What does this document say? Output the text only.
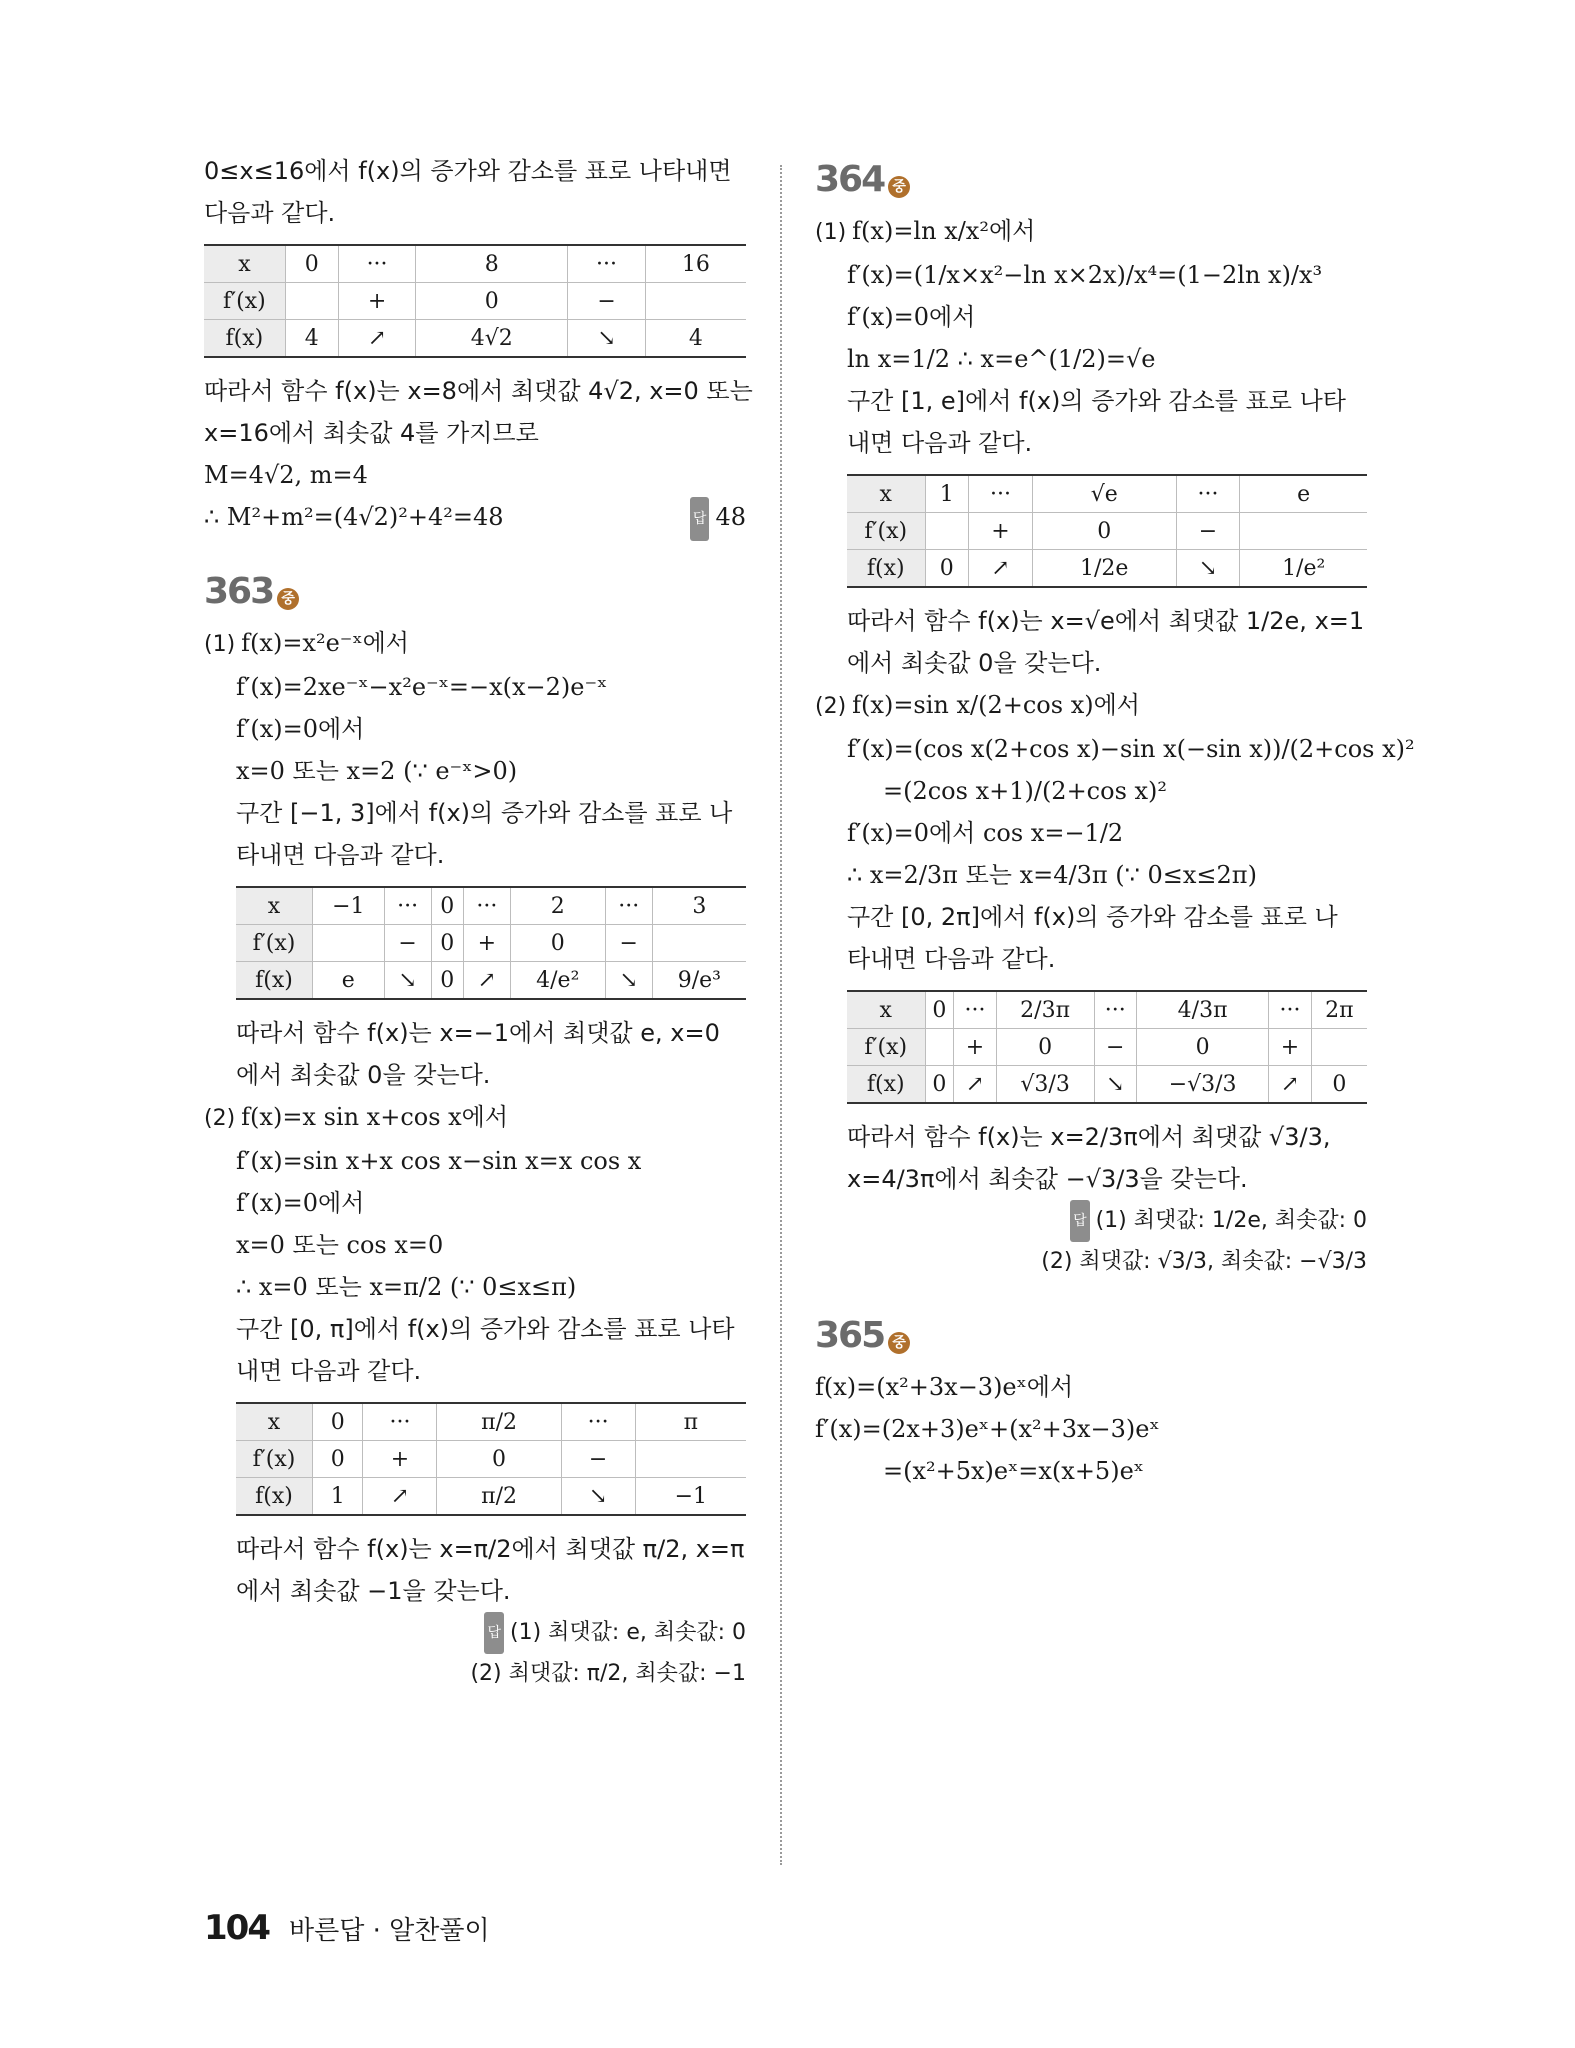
0≤x≤16에서 f(x)의 증가와 감소를 표로 나타내면
다음과 같다.
x	0	···	8	···	16
f′(x)		+	0	−	
f(x)	4	↗	4√2	↘	4
따라서 함수 f(x)는 x=8에서 최댓값 4√2, x=0 또는
x=16에서 최솟값 4를 가지므로
M=4√2, m=4
∴ M²+m²=(4√2)²+4²=48	답 48
363 중
(1) f(x)=x²e⁻ˣ에서
f′(x)=2xe⁻ˣ−x²e⁻ˣ=−x(x−2)e⁻ˣ
f′(x)=0에서
x=0 또는 x=2 (∵ e⁻ˣ>0)
구간 [−1, 3]에서 f(x)의 증가와 감소를 표로 나
타내면 다음과 같다.
x	−1	···	0	···	2	···	3
f′(x)		−	0	+	0	−	
f(x)	e	↘	0	↗	4/e²	↘	9/e³
따라서 함수 f(x)는 x=−1에서 최댓값 e, x=0
에서 최솟값 0을 갖는다.
(2) f(x)=x sin x+cos x에서
f′(x)=sin x+x cos x−sin x=x cos x
f′(x)=0에서
x=0 또는 cos x=0
∴ x=0 또는 x=π/2 (∵ 0≤x≤π)
구간 [0, π]에서 f(x)의 증가와 감소를 표로 나타
내면 다음과 같다.
x	0	···	π/2	···	π
f′(x)	0	+	0	−	
f(x)	1	↗	π/2	↘	−1
따라서 함수 f(x)는 x=π/2에서 최댓값 π/2, x=π
에서 최솟값 −1을 갖는다.
답 (1) 최댓값: e, 최솟값: 0
(2) 최댓값: π/2, 최솟값: −1
364 중
(1) f(x)=ln x/x²에서
f′(x)=(1/x×x²−ln x×2x)/x⁴=(1−2ln x)/x³
f′(x)=0에서
ln x=1/2 ∴ x=e^(1/2)=√e
구간 [1, e]에서 f(x)의 증가와 감소를 표로 나타
내면 다음과 같다.
x	1	···	√e	···	e
f′(x)		+	0	−	
f(x)	0	↗	1/2e	↘	1/e²
따라서 함수 f(x)는 x=√e에서 최댓값 1/2e, x=1
에서 최솟값 0을 갖는다.
(2) f(x)=sin x/(2+cos x)에서
f′(x)=(cos x(2+cos x)−sin x(−sin x))/(2+cos x)²
=(2cos x+1)/(2+cos x)²
f′(x)=0에서 cos x=−1/2
∴ x=2/3π 또는 x=4/3π (∵ 0≤x≤2π)
구간 [0, 2π]에서 f(x)의 증가와 감소를 표로 나
타내면 다음과 같다.
x	0	···	2/3π	···	4/3π	···	2π
f′(x)		+	0	−	0	+	
f(x)	0	↗	√3/3	↘	−√3/3	↗	0
따라서 함수 f(x)는 x=2/3π에서 최댓값 √3/3,
x=4/3π에서 최솟값 −√3/3을 갖는다.
답 (1) 최댓값: 1/2e, 최솟값: 0
(2) 최댓값: √3/3, 최솟값: −√3/3
365 중
f(x)=(x²+3x−3)eˣ에서
f′(x)=(2x+3)eˣ+(x²+3x−3)eˣ
=(x²+5x)eˣ=x(x+5)eˣ
104 바른답 · 알찬풀이
